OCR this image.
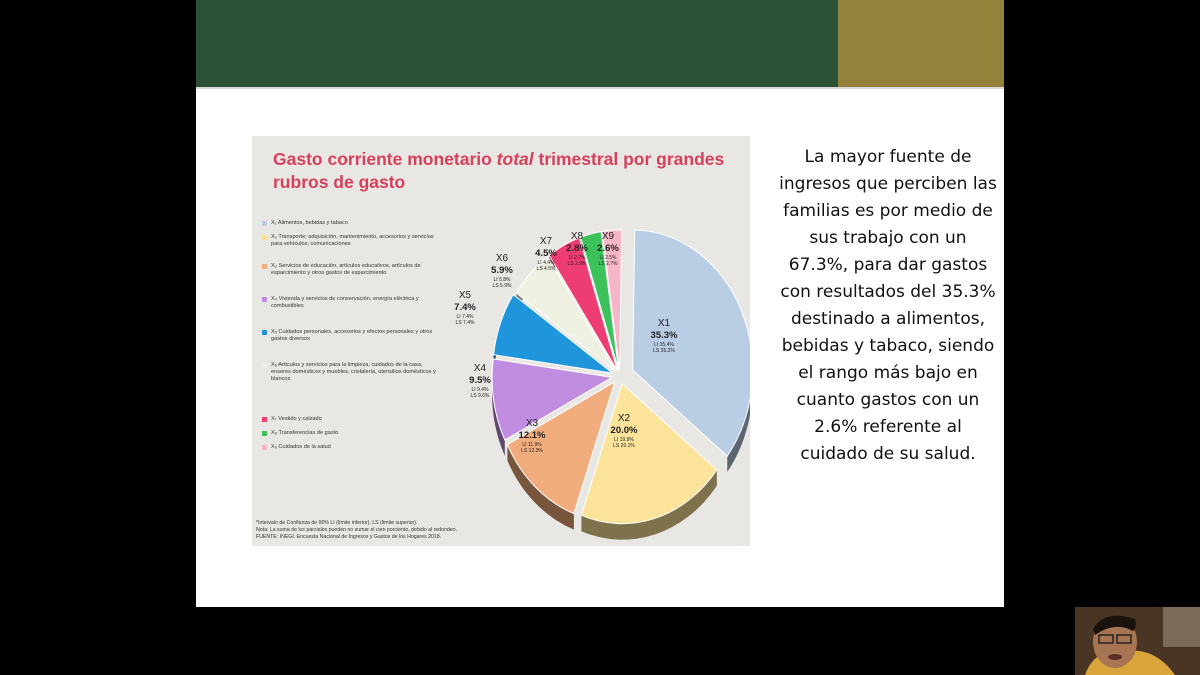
X1
35.3%
LI 35.4%
LS 35.2%
X2
20.0%
LI 19.9%
LS 20.1%
X3
12.1%
LI 11.9%
LS 12.3%
X4
9.5%
LI 9.4%
LS 9.6%
X5
7.4%
LI 7.4%
LS 7.4%
X6
5.9%
LI 5.8%
LS 5.9%
X7
4.5%
LI 4.4%
LS 4.5%
X8
2.8%
LI 2.7%
LS 2.9%
X9
2.6%
LI 2.5%
LS 2.7%
Gasto corriente monetario total trimestral por grandes rubros de gasto
X₁ Alimentos, bebidas y tabaco
X₂ Transporte; adquisición, mantenimiento, accesorios y servicios para vehículos; comunicaciones
X₃ Servicios de educación, artículos educativos, artículos de esparcimiento y otros gastos de esparcimiento
X₄ Vivienda y servicios de conservación, energía eléctrica y combustibles
X₅ Cuidados personales, accesorios y efectos personales y otros gastos diversos
X₆ Artículos y servicios para la limpieza, cuidados de la casa, enseres domésticos y muebles, cristalería, utensilios domésticos y blancos
X₇ Vestido y calzado
X₈ Transferencias de gasto
X₉ Cuidados de la salud
*Intervalo de Confianza de 90% LI (límite inferior), LS (límite superior).
Nota: La suma de los parciales pueden no sumar el cien porciento, debido al redondeo.
FUENTE: INEGI. Encuesta Nacional de Ingresos y Gastos de los Hogares 2018.
La mayor fuente de ingresos que perciben las familias es por medio de sus trabajo con un 67.3%, para dar gastos con resultados del 35.3% destinado a alimentos, bebidas y tabaco, siendo el rango más bajo en cuanto gastos con un 2.6% referente al cuidado de su salud.
